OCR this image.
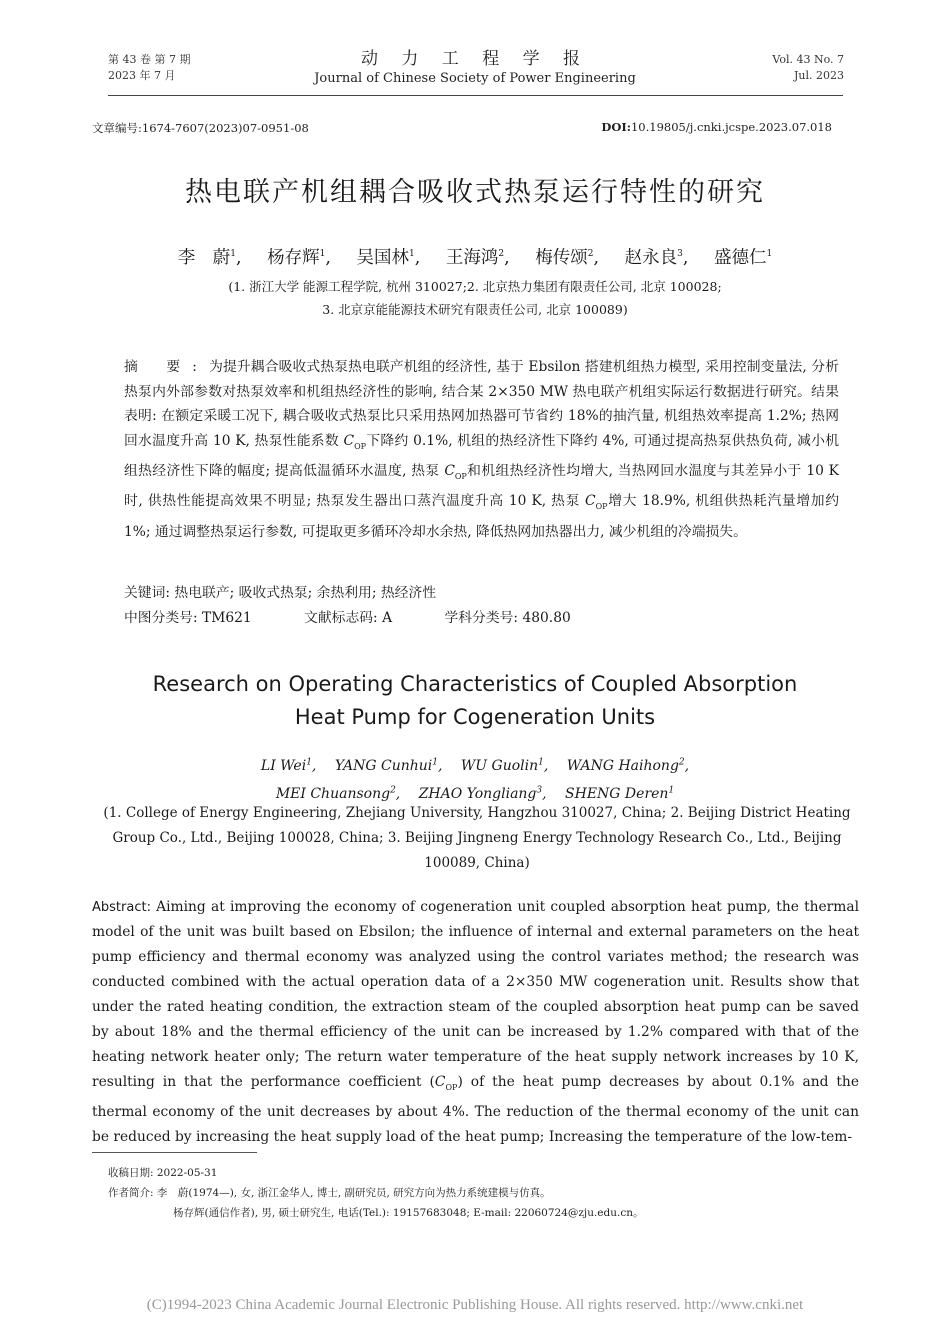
第 43 卷 第 7 期
2023 年 7 月
动 力 工 程 学 报
Journal of Chinese Society of Power Engineering
Vol. 43 No. 7
Jul. 2023
文章编号:1674-7607(2023)07-0951-08	DOI:10.19805/j.cnki.jcspe.2023.07.018
热电联产机组耦合吸收式热泵运行特性的研究
李　蔚$^1$, 杨存辉$^1$, 吴国林$^1$, 王海鸿$^2$, 梅传颂$^2$, 赵永良$^3$, 盛德仁$^1$
(1. 浙江大学 能源工程学院, 杭州 310027;2. 北京热力集团有限责任公司, 北京 100028;
3. 北京京能能源技术研究有限责任公司, 北京 100089)
摘 要:为提升耦合吸收式热泵热电联产机组的经济性, 基于 Ebsilon 搭建机组热力模型, 采用控制变量法, 分析热泵内外部参数对热泵效率和机组热经济性的影响, 结合某 2×350 MW 热电联产机组实际运行数据进行研究。结果表明: 在额定采暖工况下, 耦合吸收式热泵比只采用热网加热器可节省约 18%的抽汽量, 机组热效率提高 1.2%; 热网回水温度升高 10 K, 热泵性能系数 $C_{OP}$下降约 0.1%, 机组的热经济性下降约 4%, 可通过提高热泵供热负荷, 减小机组热经济性下降的幅度; 提高低温循环水温度, 热泵 $C_{OP}$和机组热经济性均增大, 当热网回水温度与其差异小于 10 K 时, 供热性能提高效果不明显; 热泵发生器出口蒸汽温度升高 10 K, 热泵 $C_{OP}$增大 18.9%, 机组供热耗汽量增加约 1%; 通过调整热泵运行参数, 可提取更多循环冷却水余热, 降低热网加热器出力, 减少机组的冷端损失。
关键词: 热电联产; 吸收式热泵; 余热利用; 热经济性
中图分类号: TM621	文献标志码: A	学科分类号: 480.80
Research on Operating Characteristics of Coupled Absorption
Heat Pump for Cogeneration Units
LI Wei$^1$, YANG Cunhui$^1$, WU Guolin$^1$, WANG Haihong$^2$,
MEI Chuansong$^2$, ZHAO Yongliang$^3$, SHENG Deren$^1$
(1. College of Energy Engineering, Zhejiang University, Hangzhou 310027, China; 2. Beijing District Heating Group Co., Ltd., Beijing 100028, China; 3. Beijing Jingneng Energy Technology Research Co., Ltd., Beijing 100089, China)
Abstract: Aiming at improving the economy of cogeneration unit coupled absorption heat pump, the thermal model of the unit was built based on Ebsilon; the influence of internal and external parameters on the heat pump efficiency and thermal economy was analyzed using the control variates method; the research was conducted combined with the actual operation data of a 2×350 MW cogeneration unit. Results show that under the rated heating condition, the extraction steam of the coupled absorption heat pump can be saved by about 18% and the thermal efficiency of the unit can be increased by 1.2% compared with that of the heating network heater only; The return water temperature of the heat supply network increases by 10 K, resulting in that the performance coefficient $(C_{OP})$ of the heat pump decreases by about 0.1% and the thermal economy of the unit decreases by about 4%. The reduction of the thermal economy of the unit can be reduced by increasing the heat supply load of the heat pump; Increasing the temperature of the low-tem-
收稿日期: 2022-05-31
作者简介: 李　蔚(1974—), 女, 浙江金华人, 博士, 副研究员, 研究方向为热力系统建模与仿真。
杨存辉(通信作者), 男, 硕士研究生, 电话(Tel.): 19157683048; E-mail: 22060724@zju.edu.cn。
(C)1994-2023 China Academic Journal Electronic Publishing House. All rights reserved. http://www.cnki.net
